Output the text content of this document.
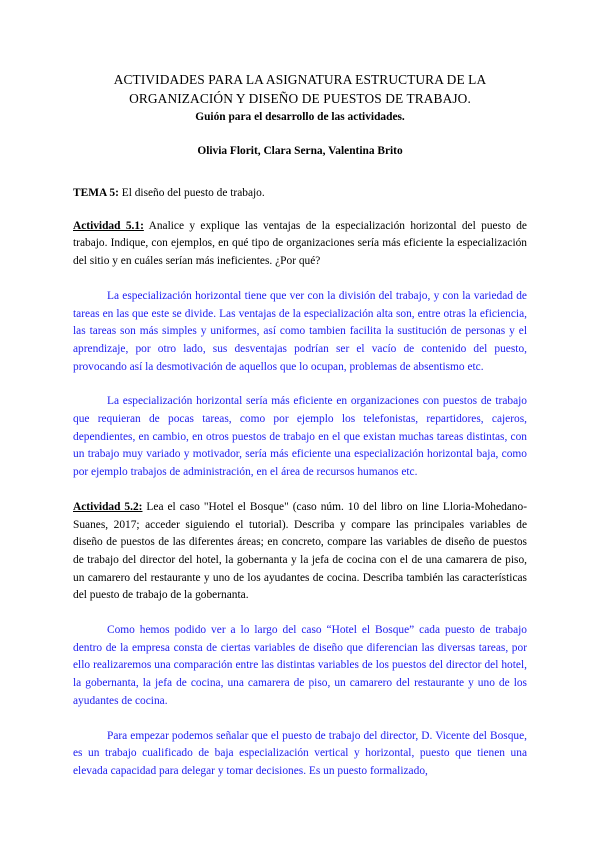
ACTIVIDADES PARA LA ASIGNATURA ESTRUCTURA DE LA
ORGANIZACIÓN Y DISEÑO DE PUESTOS DE TRABAJO.
Guión para el desarrollo de las actividades.
Olivia Florit, Clara Serna, Valentina Brito

TEMA 5: El diseño del puesto de trabajo.

Actividad 5.1: Analice y explique las ventajas de la especialización horizontal del puesto de trabajo. Indique, con ejemplos, en qué tipo de organizaciones sería más eficiente la especialización del sitio y en cuáles serían más ineficientes. ¿Por qué?

La especialización horizontal tiene que ver con la división del trabajo, y con la variedad de tareas en las que este se divide. Las ventajas de la especialización alta son, entre otras la eficiencia, las tareas son más simples y uniformes, así como tambien facilita la sustitución de personas y el aprendizaje, por otro lado, sus desventajas podrían ser el vacío de contenido del puesto, provocando así la desmotivación de aquellos que lo ocupan, problemas de absentismo etc.

La especialización horizontal sería más eficiente en organizaciones con puestos de trabajo que requieran de pocas tareas, como por ejemplo los telefonistas, repartidores, cajeros, dependientes, en cambio, en otros puestos de trabajo en el que existan muchas tareas distintas, con un trabajo muy variado y motivador, sería más eficiente una especialización horizontal baja, como por ejemplo trabajos de administración, en el área de recursos humanos etc.

Actividad 5.2: Lea el caso "Hotel el Bosque" (caso núm. 10 del libro on line Lloria-Mohedano-Suanes, 2017; acceder siguiendo el tutorial). Describa y compare las principales variables de diseño de puestos de las diferentes áreas; en concreto, compare las variables de diseño de puestos de trabajo del director del hotel, la gobernanta y la jefa de cocina con el de una camarera de piso, un camarero del restaurante y uno de los ayudantes de cocina. Describa también las características del puesto de trabajo de la gobernanta.

Como hemos podido ver a lo largo del caso “Hotel el Bosque” cada puesto de trabajo dentro de la empresa consta de ciertas variables de diseño que diferencian las diversas tareas, por ello realizaremos una comparación entre las distintas variables de los puestos del director del hotel, la gobernanta, la jefa de cocina, una camarera de piso, un camarero del restaurante y uno de los ayudantes de cocina.

Para empezar podemos señalar que el puesto de trabajo del director, D. Vicente del Bosque, es un trabajo cualificado de baja especialización vertical y horizontal, puesto que tienen una elevada capacidad para delegar y tomar decisiones. Es un puesto formalizado,
